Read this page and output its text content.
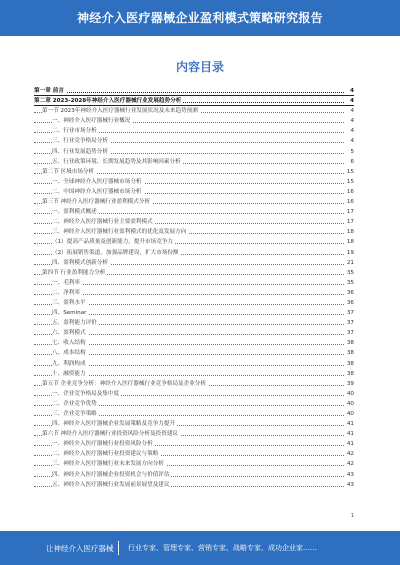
神经介入医疗器械企业盈利模式策略研究报告
内容目录
第一章 前言	4
第二章 2023-2028年神经介入医疗器械行业发展趋势分析	4
第一节 2023年神经介入医疗器械行业发展状况及未来趋势预测	4
一、神经介入医疗器械行业概况	4
二、行业市场分析	4
三、行业竞争格局分析	4
四、行业发展趋势分析	5
五、行业政策环境、长期发展趋势及其影响因素分析	6
第二节 区域市场分析	15
一、全球神经介入医疗器械市场分析	15
二、中国神经介入医疗器械市场分析	16
第三节 神经介入医疗器械行业盈利模式分析	16
一、盈利模式概述	17
二、神经介入医疗器械行业主要盈利模式	17
三、神经介入医疗器械行业盈利模式的优化及发展方向	18
（1）提高产品质量及创新能力，提升市场竞争力	18
（2）拓展销售渠道，加强品牌建设，扩大市场份额	19
四、盈利模式创新分析	21
第四节 行业盈利能力分析	35
一、毛利率	35
二、净利率	36
三、盈利水平	36
四、Seminar	37
五、盈利能力评价	37
六、盈利模式	37
七、收入结构	38
八、成本结构	38
九、利润构成	38
十、融资能力	38
第五节 企业竞争分析：神经介入医疗器械行业竞争格局及企业分析	39
一、企业竞争格局及集中度	40
二、企业竞争优势	40
三、企业竞争策略	40
四、神经介入医疗器械企业发展策略及竞争力提升	41
第六节 神经介入医疗器械行业投资风险分析及投资建议	41
一、神经介入医疗器械行业投资风险分析	41
二、神经介入医疗器械行业投资建议与策略	42
三、神经介入医疗器械行业未来发展方向分析	42
四、神经介入医疗器械企业投资机会与价值评估	43
五、神经介入医疗器械行业发展前景展望及建议	43
1
让神经介入医疗器械 行业专家、管理专家、营销专家、战略专家、成功企业家……
